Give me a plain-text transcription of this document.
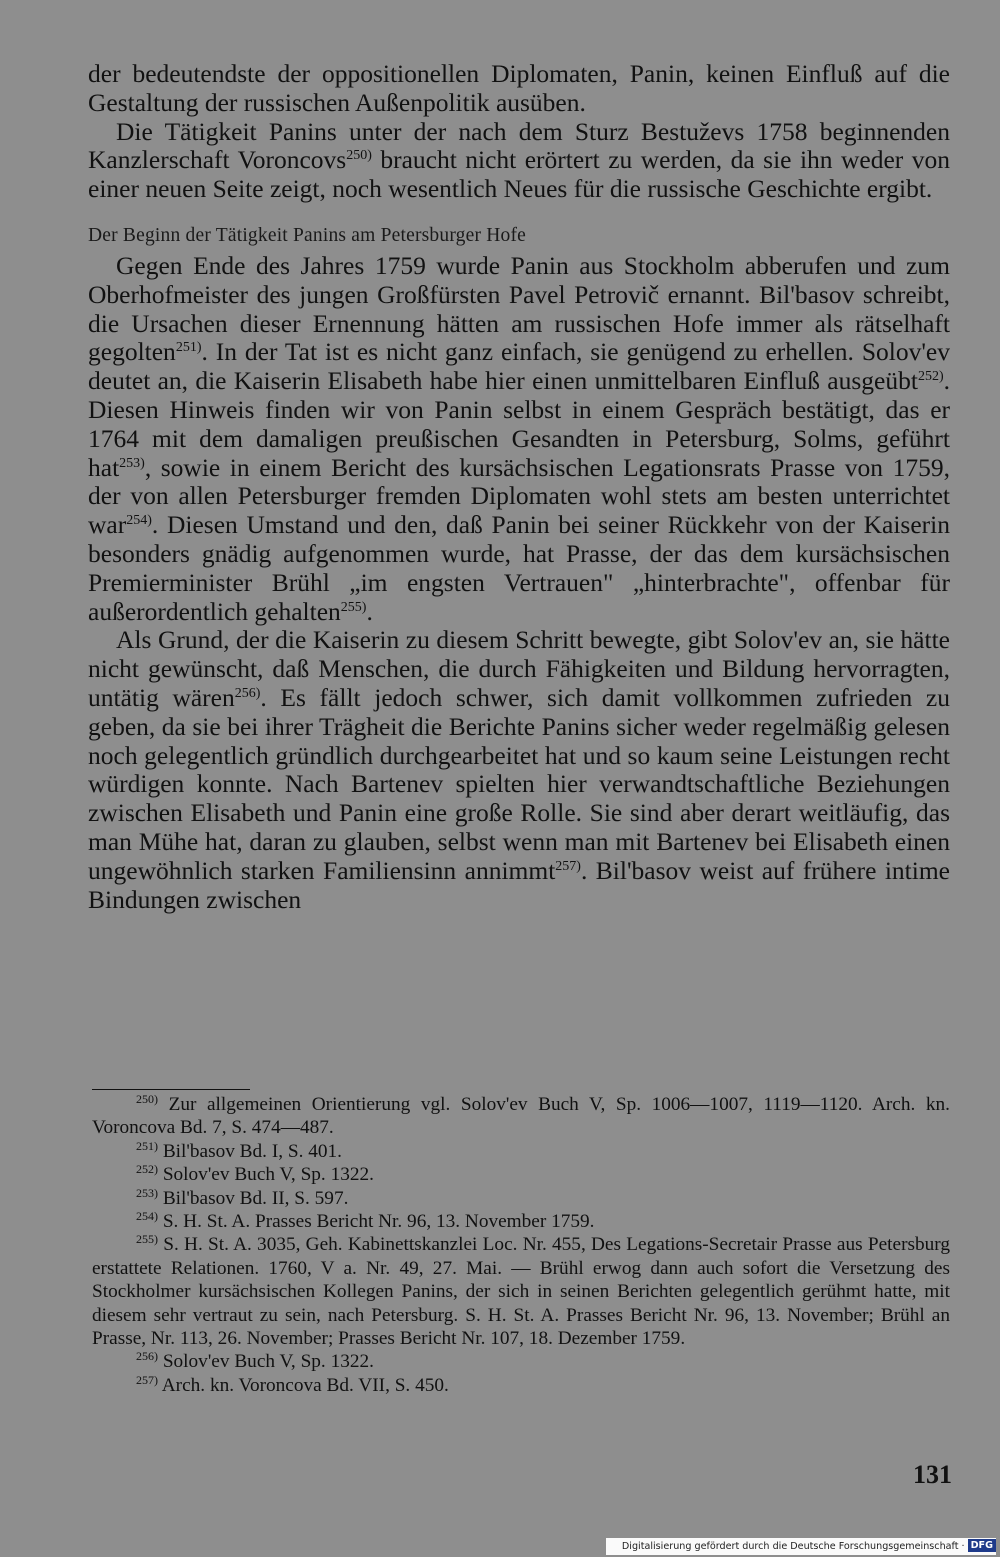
der bedeutendste der oppositionellen Diplomaten, Panin, keinen Einfluß auf die Gestaltung der russischen Außenpolitik ausüben.

Die Tätigkeit Panins unter der nach dem Sturz Bestuževs 1758 beginnenden Kanzlerschaft Voroncovs$^{250)}$ braucht nicht erörtert zu werden, da sie ihn weder von einer neuen Seite zeigt, noch wesentlich Neues für die russische Geschichte ergibt.

Der Beginn der Tätigkeit Panins am Petersburger Hofe

Gegen Ende des Jahres 1759 wurde Panin aus Stockholm abberufen und zum Oberhofmeister des jungen Großfürsten Pavel Petrovič ernannt. Bil'basov schreibt, die Ursachen dieser Ernennung hätten am russischen Hofe immer als rätselhaft gegolten$^{251)}$. In der Tat ist es nicht ganz einfach, sie genügend zu erhellen. Solov'ev deutet an, die Kaiserin Elisabeth habe hier einen unmittelbaren Einfluß ausgeübt$^{252)}$. Diesen Hinweis finden wir von Panin selbst in einem Gespräch bestätigt, das er 1764 mit dem damaligen preußischen Gesandten in Petersburg, Solms, geführt hat$^{253)}$, sowie in einem Bericht des kursächsischen Legationsrats Prasse von 1759, der von allen Petersburger fremden Diplomaten wohl stets am besten unterrichtet war$^{254)}$. Diesen Umstand und den, daß Panin bei seiner Rückkehr von der Kaiserin besonders gnädig aufgenommen wurde, hat Prasse, der das dem kursächsischen Premierminister Brühl „im engsten Vertrauen" „hinterbrachte", offenbar für außerordentlich gehalten$^{255)}$.

Als Grund, der die Kaiserin zu diesem Schritt bewegte, gibt Solov'ev an, sie hätte nicht gewünscht, daß Menschen, die durch Fähigkeiten und Bildung hervorragten, untätig wären$^{256)}$. Es fällt jedoch schwer, sich damit vollkommen zufrieden zu geben, da sie bei ihrer Trägheit die Berichte Panins sicher weder regelmäßig gelesen noch gelegentlich gründlich durchgearbeitet hat und so kaum seine Leistungen recht würdigen konnte. Nach Bartenev spielten hier verwandtschaftliche Beziehungen zwischen Elisabeth und Panin eine große Rolle. Sie sind aber derart weitläufig, das man Mühe hat, daran zu glauben, selbst wenn man mit Bartenev bei Elisabeth einen ungewöhnlich starken Familiensinn annimmt$^{257)}$. Bil'basov weist auf frühere intime Bindungen zwischen

$^{250)}$ Zur allgemeinen Orientierung vgl. Solov'ev Buch V, Sp. 1006—1007, 1119—1120. Arch. kn. Voroncova Bd. 7, S. 474—487.

$^{251)}$ Bil'basov Bd. I, S. 401.

$^{252)}$ Solov'ev Buch V, Sp. 1322.

$^{253)}$ Bil'basov Bd. II, S. 597.

$^{254)}$ S. H. St. A. Prasses Bericht Nr. 96, 13. November 1759.

$^{255)}$ S. H. St. A. 3035, Geh. Kabinettskanzlei Loc. Nr. 455, Des Legations-Secretair Prasse aus Petersburg erstattete Relationen. 1760, V a. Nr. 49, 27. Mai. — Brühl erwog dann auch sofort die Versetzung des Stockholmer kursächsischen Kollegen Panins, der sich in seinen Berichten gelegentlich gerühmt hatte, mit diesem sehr vertraut zu sein, nach Petersburg. S. H. St. A. Prasses Bericht Nr. 96, 13. November; Brühl an Prasse, Nr. 113, 26. November; Prasses Bericht Nr. 107, 18. Dezember 1759.

$^{256)}$ Solov'ev Buch V, Sp. 1322.

$^{257)}$ Arch. kn. Voroncova Bd. VII, S. 450.

131
Digitalisierung gefördert durch die Deutsche Forschungsgemeinschaft · DFG
